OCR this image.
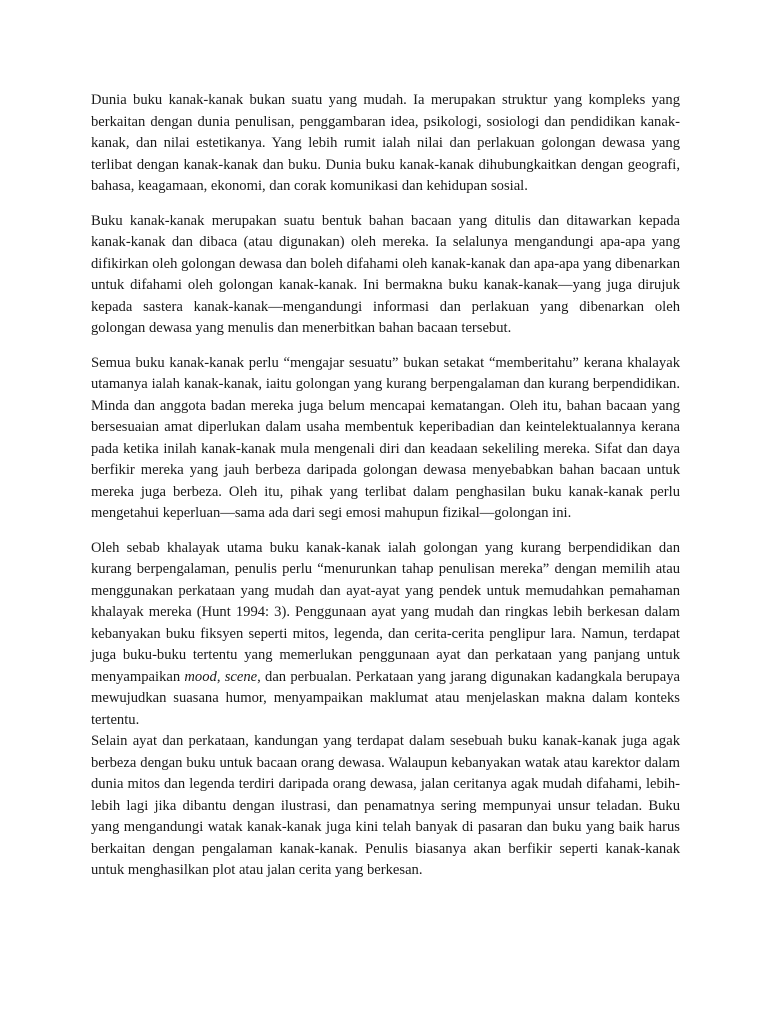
Dunia buku kanak-kanak bukan suatu yang mudah. Ia merupakan struktur yang kompleks yang berkaitan dengan dunia penulisan, penggambaran idea, psikologi, sosiologi dan pendidikan kanak-kanak, dan nilai estetikanya. Yang lebih rumit ialah nilai dan perlakuan golongan dewasa yang terlibat dengan kanak-kanak dan buku. Dunia buku kanak-kanak dihubungkaitkan dengan geografi, bahasa, keagamaan, ekonomi, dan corak komunikasi dan kehidupan sosial.

Buku kanak-kanak merupakan suatu bentuk bahan bacaan yang ditulis dan ditawarkan kepada kanak-kanak dan dibaca (atau digunakan) oleh mereka. Ia selalunya mengandungi apa-apa yang difikirkan oleh golongan dewasa dan boleh difahami oleh kanak-kanak dan apa-apa yang dibenarkan untuk difahami oleh golongan kanak-kanak. Ini bermakna buku kanak-kanak—yang juga dirujuk kepada sastera kanak-kanak—mengandungi informasi dan perlakuan yang dibenarkan oleh golongan dewasa yang menulis dan menerbitkan bahan bacaan tersebut.

Semua buku kanak-kanak perlu “mengajar sesuatu” bukan setakat “memberitahu” kerana khalayak utamanya ialah kanak-kanak, iaitu golongan yang kurang berpengalaman dan kurang berpendidikan. Minda dan anggota badan mereka juga belum mencapai kematangan. Oleh itu, bahan bacaan yang bersesuaian amat diperlukan dalam usaha membentuk keperibadian dan keintelektualannya kerana pada ketika inilah kanak-kanak mula mengenali diri dan keadaan sekeliling mereka. Sifat dan daya berfikir mereka yang jauh berbeza daripada golongan dewasa menyebabkan bahan bacaan untuk mereka juga berbeza. Oleh itu, pihak yang terlibat dalam penghasilan buku kanak-kanak perlu mengetahui keperluan—sama ada dari segi emosi mahupun fizikal—golongan ini.

Oleh sebab khalayak utama buku kanak-kanak ialah golongan yang kurang berpendidikan dan kurang berpengalaman, penulis perlu “menurunkan tahap penulisan mereka” dengan memilih atau menggunakan perkataan yang mudah dan ayat-ayat yang pendek untuk memudahkan pemahaman khalayak mereka (Hunt 1994: 3). Penggunaan ayat yang mudah dan ringkas lebih berkesan dalam kebanyakan buku fiksyen seperti mitos, legenda, dan cerita-cerita penglipur lara. Namun, terdapat juga buku-buku tertentu yang memerlukan penggunaan ayat dan perkataan yang panjang untuk menyampaikan mood, scene, dan perbualan. Perkataan yang jarang digunakan kadangkala berupaya mewujudkan suasana humor, menyampaikan maklumat atau menjelaskan makna dalam konteks tertentu.

Selain ayat dan perkataan, kandungan yang terdapat dalam sesebuah buku kanak-kanak juga agak berbeza dengan buku untuk bacaan orang dewasa. Walaupun kebanyakan watak atau karektor dalam dunia mitos dan legenda terdiri daripada orang dewasa, jalan ceritanya agak mudah difahami, lebih-lebih lagi jika dibantu dengan ilustrasi, dan penamatnya sering mempunyai unsur teladan. Buku yang mengandungi watak kanak-kanak juga kini telah banyak di pasaran dan buku yang baik harus berkaitan dengan pengalaman kanak-kanak. Penulis biasanya akan berfikir seperti kanak-kanak untuk menghasilkan plot atau jalan cerita yang berkesan.
